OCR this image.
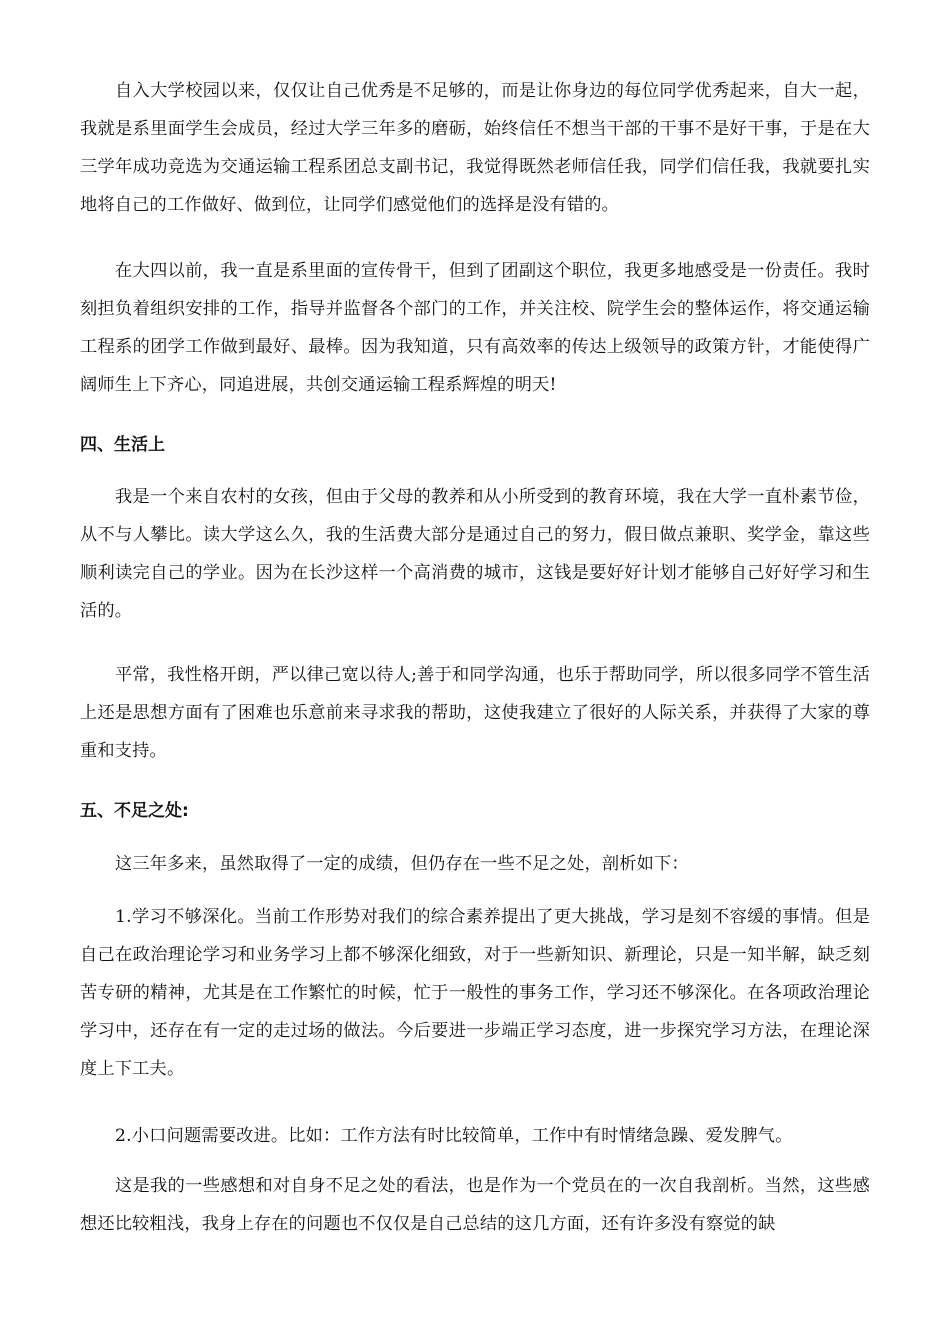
自入大学校园以来，仅仅让自己优秀是不足够的，而是让你身边的每位同学优秀起来，自大一起，我就是系里面学生会成员，经过大学三年多的磨砺，始终信任不想当干部的干事不是好干事，于是在大三学年成功竞选为交通运输工程系团总支副书记，我觉得既然老师信任我，同学们信任我，我就要扎实地将自己的工作做好、做到位，让同学们感觉他们的选择是没有错的。

在大四以前，我一直是系里面的宣传骨干，但到了团副这个职位，我更多地感受是一份责任。我时刻担负着组织安排的工作，指导并监督各个部门的工作，并关注校、院学生会的整体运作，将交通运输工程系的团学工作做到最好、最棒。因为我知道，只有高效率的传达上级领导的政策方针，才能使得广阔师生上下齐心，同追进展，共创交通运输工程系辉煌的明天!

四、生活上

我是一个来自农村的女孩，但由于父母的教养和从小所受到的教育环境，我在大学一直朴素节俭，从不与人攀比。读大学这么久，我的生活费大部分是通过自己的努力，假日做点兼职、奖学金，靠这些顺利读完自己的学业。因为在长沙这样一个高消费的城市，这钱是要好好计划才能够自己好好学习和生活的。

平常，我性格开朗，严以律己宽以待人;善于和同学沟通，也乐于帮助同学，所以很多同学不管生活上还是思想方面有了困难也乐意前来寻求我的帮助，这使我建立了很好的人际关系，并获得了大家的尊重和支持。

五、不足之处:

这三年多来，虽然取得了一定的成绩，但仍存在一些不足之处，剖析如下：

1.学习不够深化。当前工作形势对我们的综合素养提出了更大挑战，学习是刻不容缓的事情。但是自己在政治理论学习和业务学习上都不够深化细致，对于一些新知识、新理论，只是一知半解，缺乏刻苦专研的精神，尤其是在工作繁忙的时候，忙于一般性的事务工作，学习还不够深化。在各项政治理论学习中，还存在有一定的走过场的做法。今后要进一步端正学习态度，进一步探究学习方法，在理论深度上下工夫。

2.小口问题需要改进。比如：工作方法有时比较简单，工作中有时情绪急躁、爱发脾气。

这是我的一些感想和对自身不足之处的看法，也是作为一个党员在的一次自我剖析。当然，这些感想还比较粗浅，我身上存在的问题也不仅仅是自己总结的这几方面，还有许多没有察觉的缺
